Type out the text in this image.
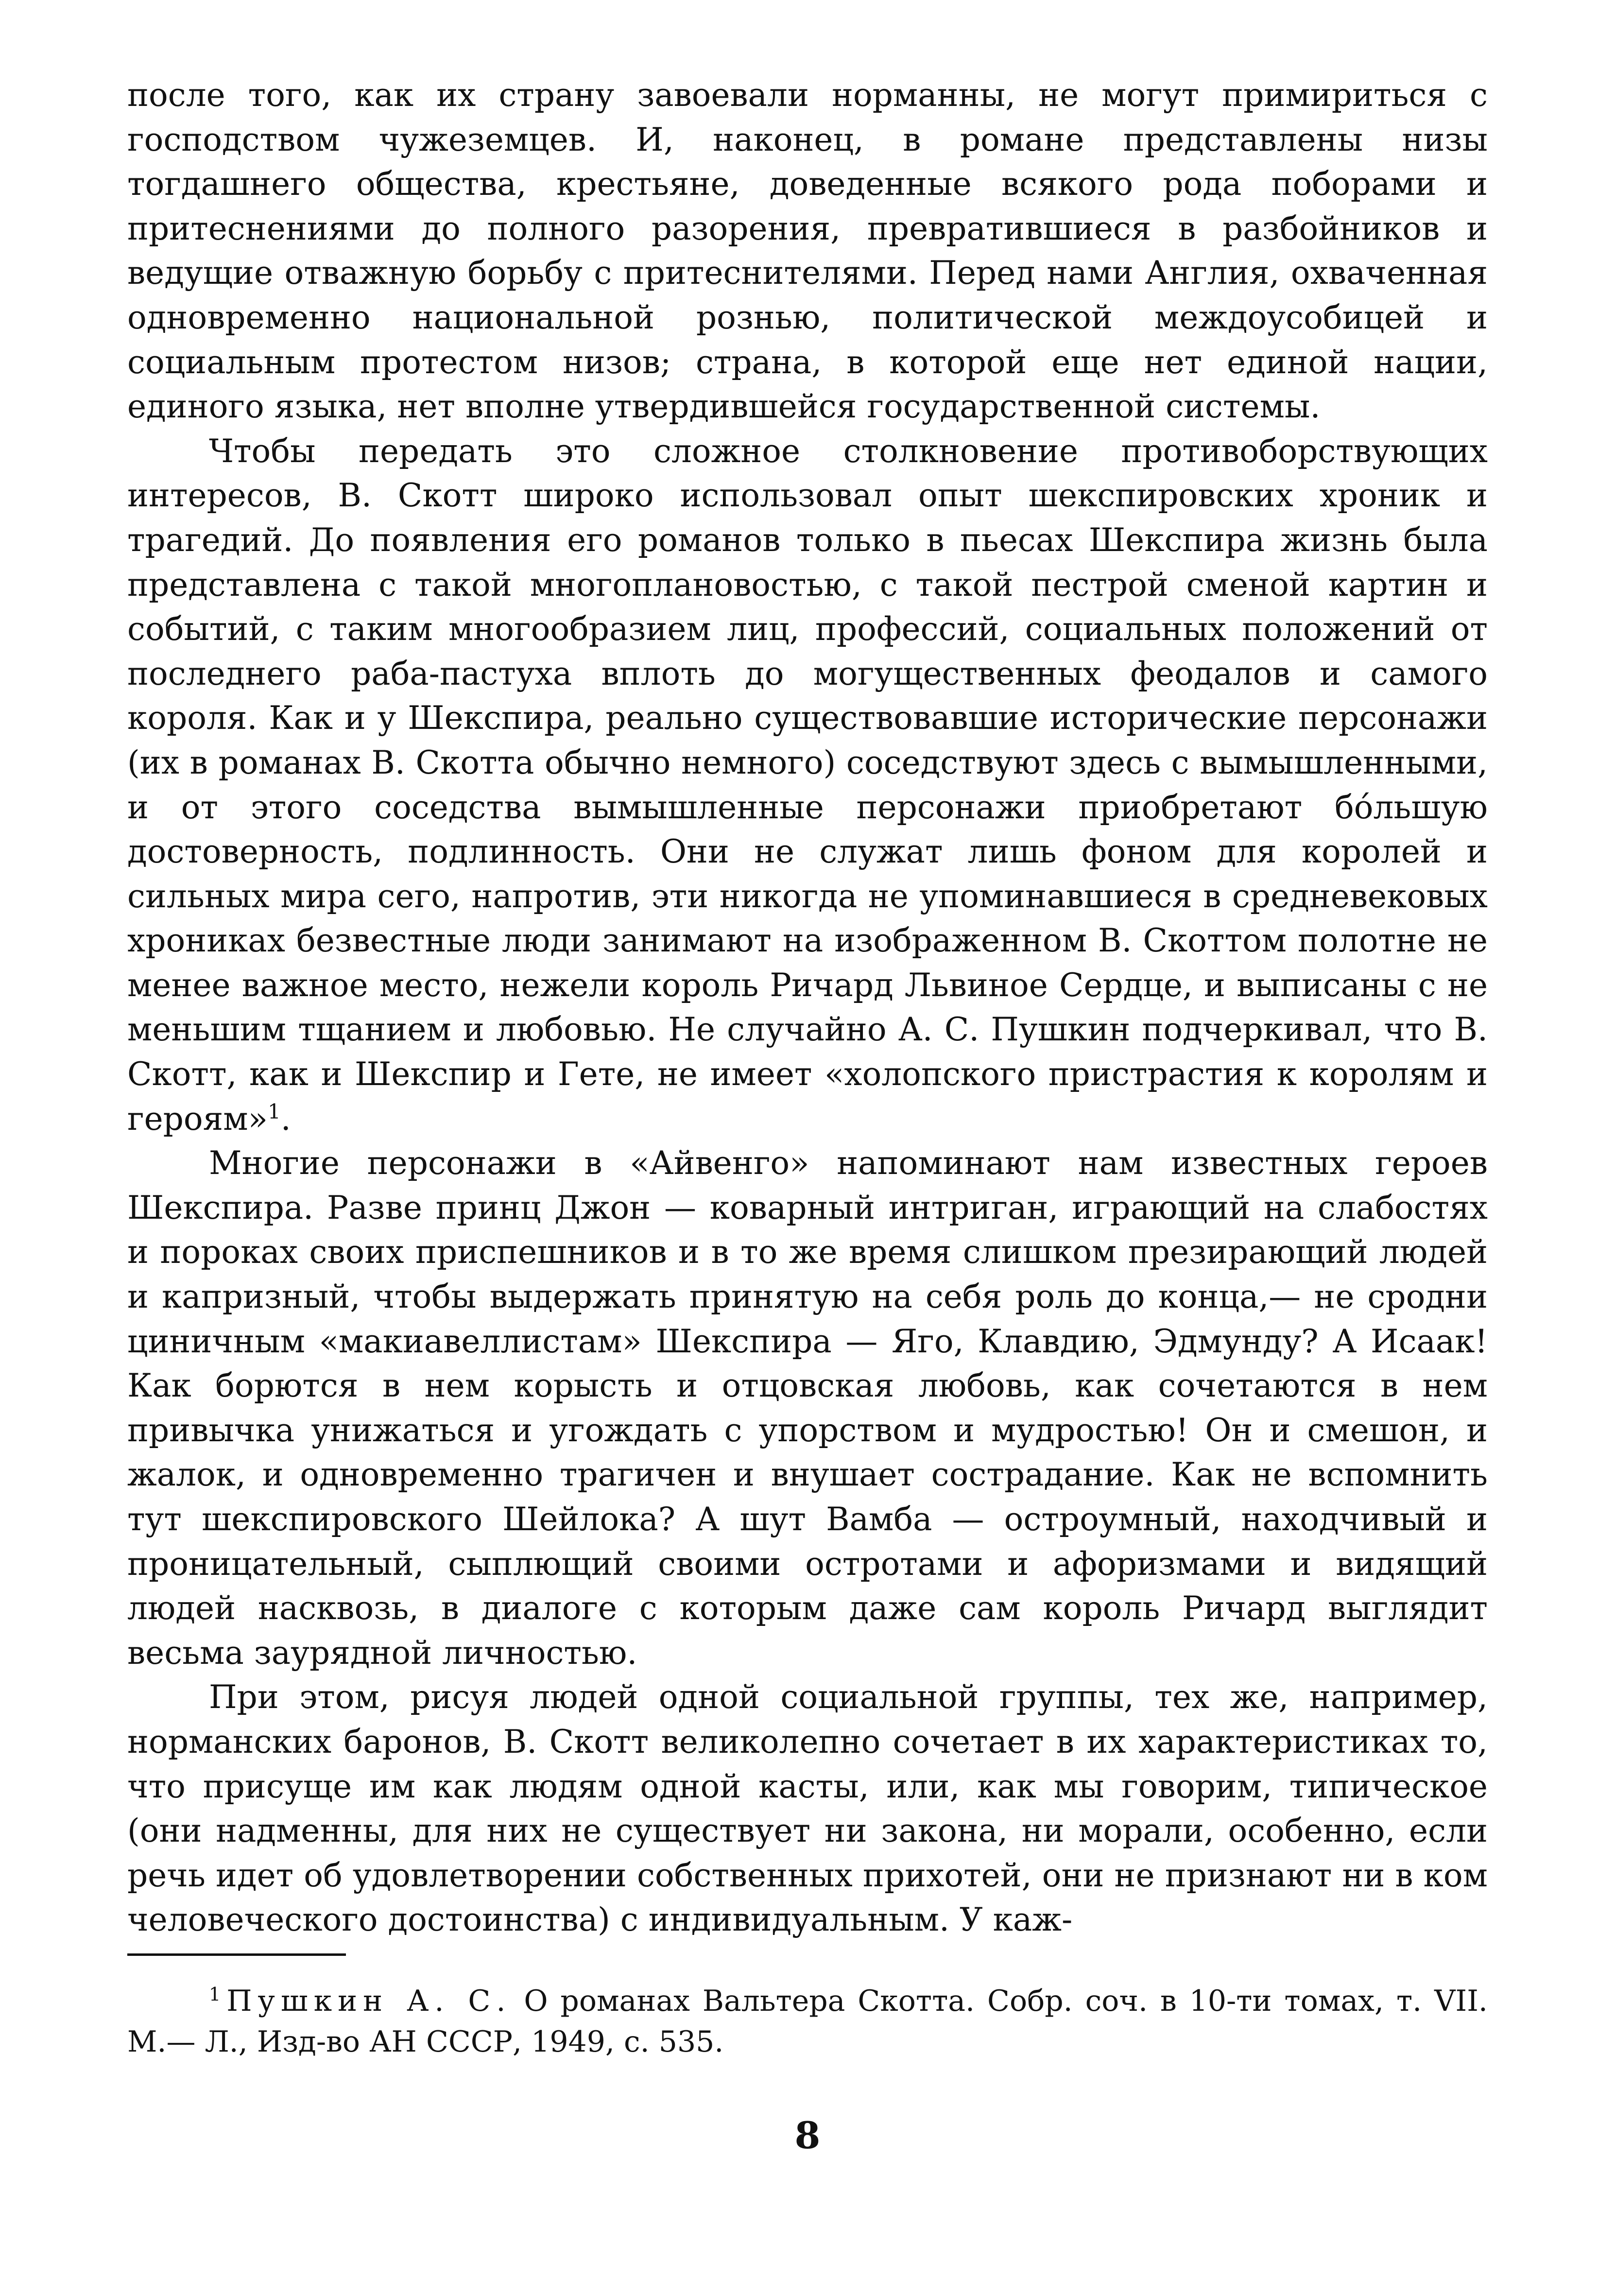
после того, как их страну завоевали норманны, не могут примириться с господством чужеземцев. И, наконец, в романе представлены низы тогдашнего общества, крестьяне, доведенные всякого рода поборами и притеснениями до полного разорения, превратившиеся в разбойников и ведущие отважную борьбу с притеснителями. Перед нами Англия, охваченная одновременно национальной рознью, политической междоусобицей и социальным протестом низов; страна, в которой еще нет единой нации, единого языка, нет вполне утвердившейся государственной системы.

Чтобы передать это сложное столкновение противоборствующих интересов, В. Скотт широко использовал опыт шекспировских хроник и трагедий. До появления его романов только в пьесах Шекспира жизнь была представлена с такой многоплановостью, с такой пестрой сменой картин и событий, с таким многообразием лиц, профессий, социальных положений от последнего раба-пастуха вплоть до могущественных феодалов и самого короля. Как и у Шекспира, реально существовавшие исторические персонажи (их в романах В. Скотта обычно немного) соседствуют здесь с вымышленными, и от этого соседства вымышленные персонажи приобретают бóльшую достоверность, подлинность. Они не служат лишь фоном для королей и сильных мира сего, напротив, эти никогда не упоминавшиеся в средневековых хрониках безвестные люди занимают на изображенном В. Скоттом полотне не менее важное место, нежели король Ричард Львиное Сердце, и выписаны с не меньшим тщанием и любовью. Не случайно А. С. Пушкин подчеркивал, что В. Скотт, как и Шекспир и Гете, не имеет «холопского пристрастия к королям и героям»$^1$.

Многие персонажи в «Айвенго» напоминают нам известных героев Шекспира. Разве принц Джон — коварный интриган, играющий на слабостях и пороках своих приспешников и в то же время слишком презирающий людей и капризный, чтобы выдержать принятую на себя роль до конца,— не сродни циничным «макиавеллистам» Шекспира — Яго, Клавдию, Эдмунду? А Исаак! Как борются в нем корысть и отцовская любовь, как сочетаются в нем привычка унижаться и угождать с упорством и мудростью! Он и смешон, и жалок, и одновременно трагичен и внушает сострадание. Как не вспомнить тут шекспировского Шейлока? А шут Вамба — остроумный, находчивый и проницательный, сыплющий своими остротами и афоризмами и видящий людей насквозь, в диалоге с которым даже сам король Ричард выглядит весьма заурядной личностью.

При этом, рисуя людей одной социальной группы, тех же, например, норманских баронов, В. Скотт великолепно сочетает в их характеристиках то, что присуще им как людям одной касты, или, как мы говорим, типическое (они надменны, для них не существует ни закона, ни морали, особенно, если речь идет об удовлетворении собственных прихотей, они не признают ни в ком человеческого достоинства) с индивидуальным. У каж-

$^1$ Пушкин А. С. О романах Вальтера Скотта. Собр. соч. в 10-ти томах, т. VII. М.— Л., Изд-во АН СССР, 1949, с. 535.
8
